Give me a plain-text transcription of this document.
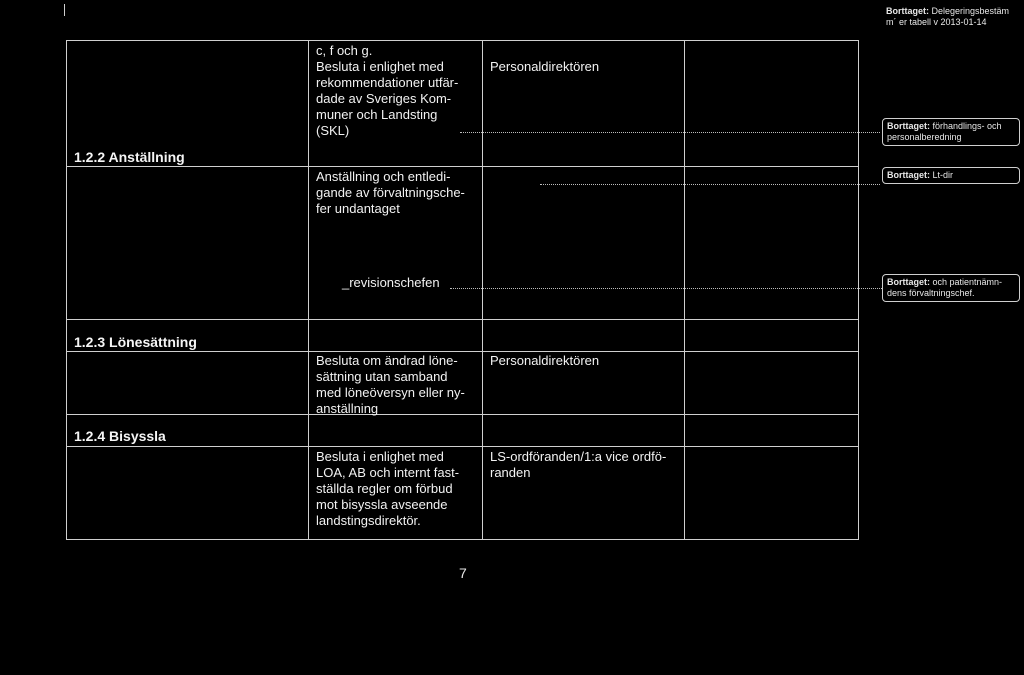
Borttaget: Delegeringsbestäm
m´ er tabell v 2013-01-14
c, f och g.
Besluta i enlighet med
rekommendationer utfär-
dade av Sveriges Kom-
muner och Landsting
(SKL)
Personaldirektören
1.2.2 Anställning
Anställning och entledi-
gande av förvaltningsche-
fer undantaget
_revisionschefen
1.2.3 Lönesättning
Besluta om ändrad löne-
sättning utan samband
med löneöversyn eller ny-
anställning
Personaldirektören
1.2.4 Bisyssla
Besluta i enlighet med
LOA, AB och internt fast-
ställda regler om förbud
mot bisyssla avseende
landstingsdirektör.
LS-ordföranden/1:a vice ordfö-
randen
Borttaget: förhandlings- och
personalberedning
Borttaget: Lt-dir
Borttaget: och patientnämn-
dens förvaltningschef.
7
